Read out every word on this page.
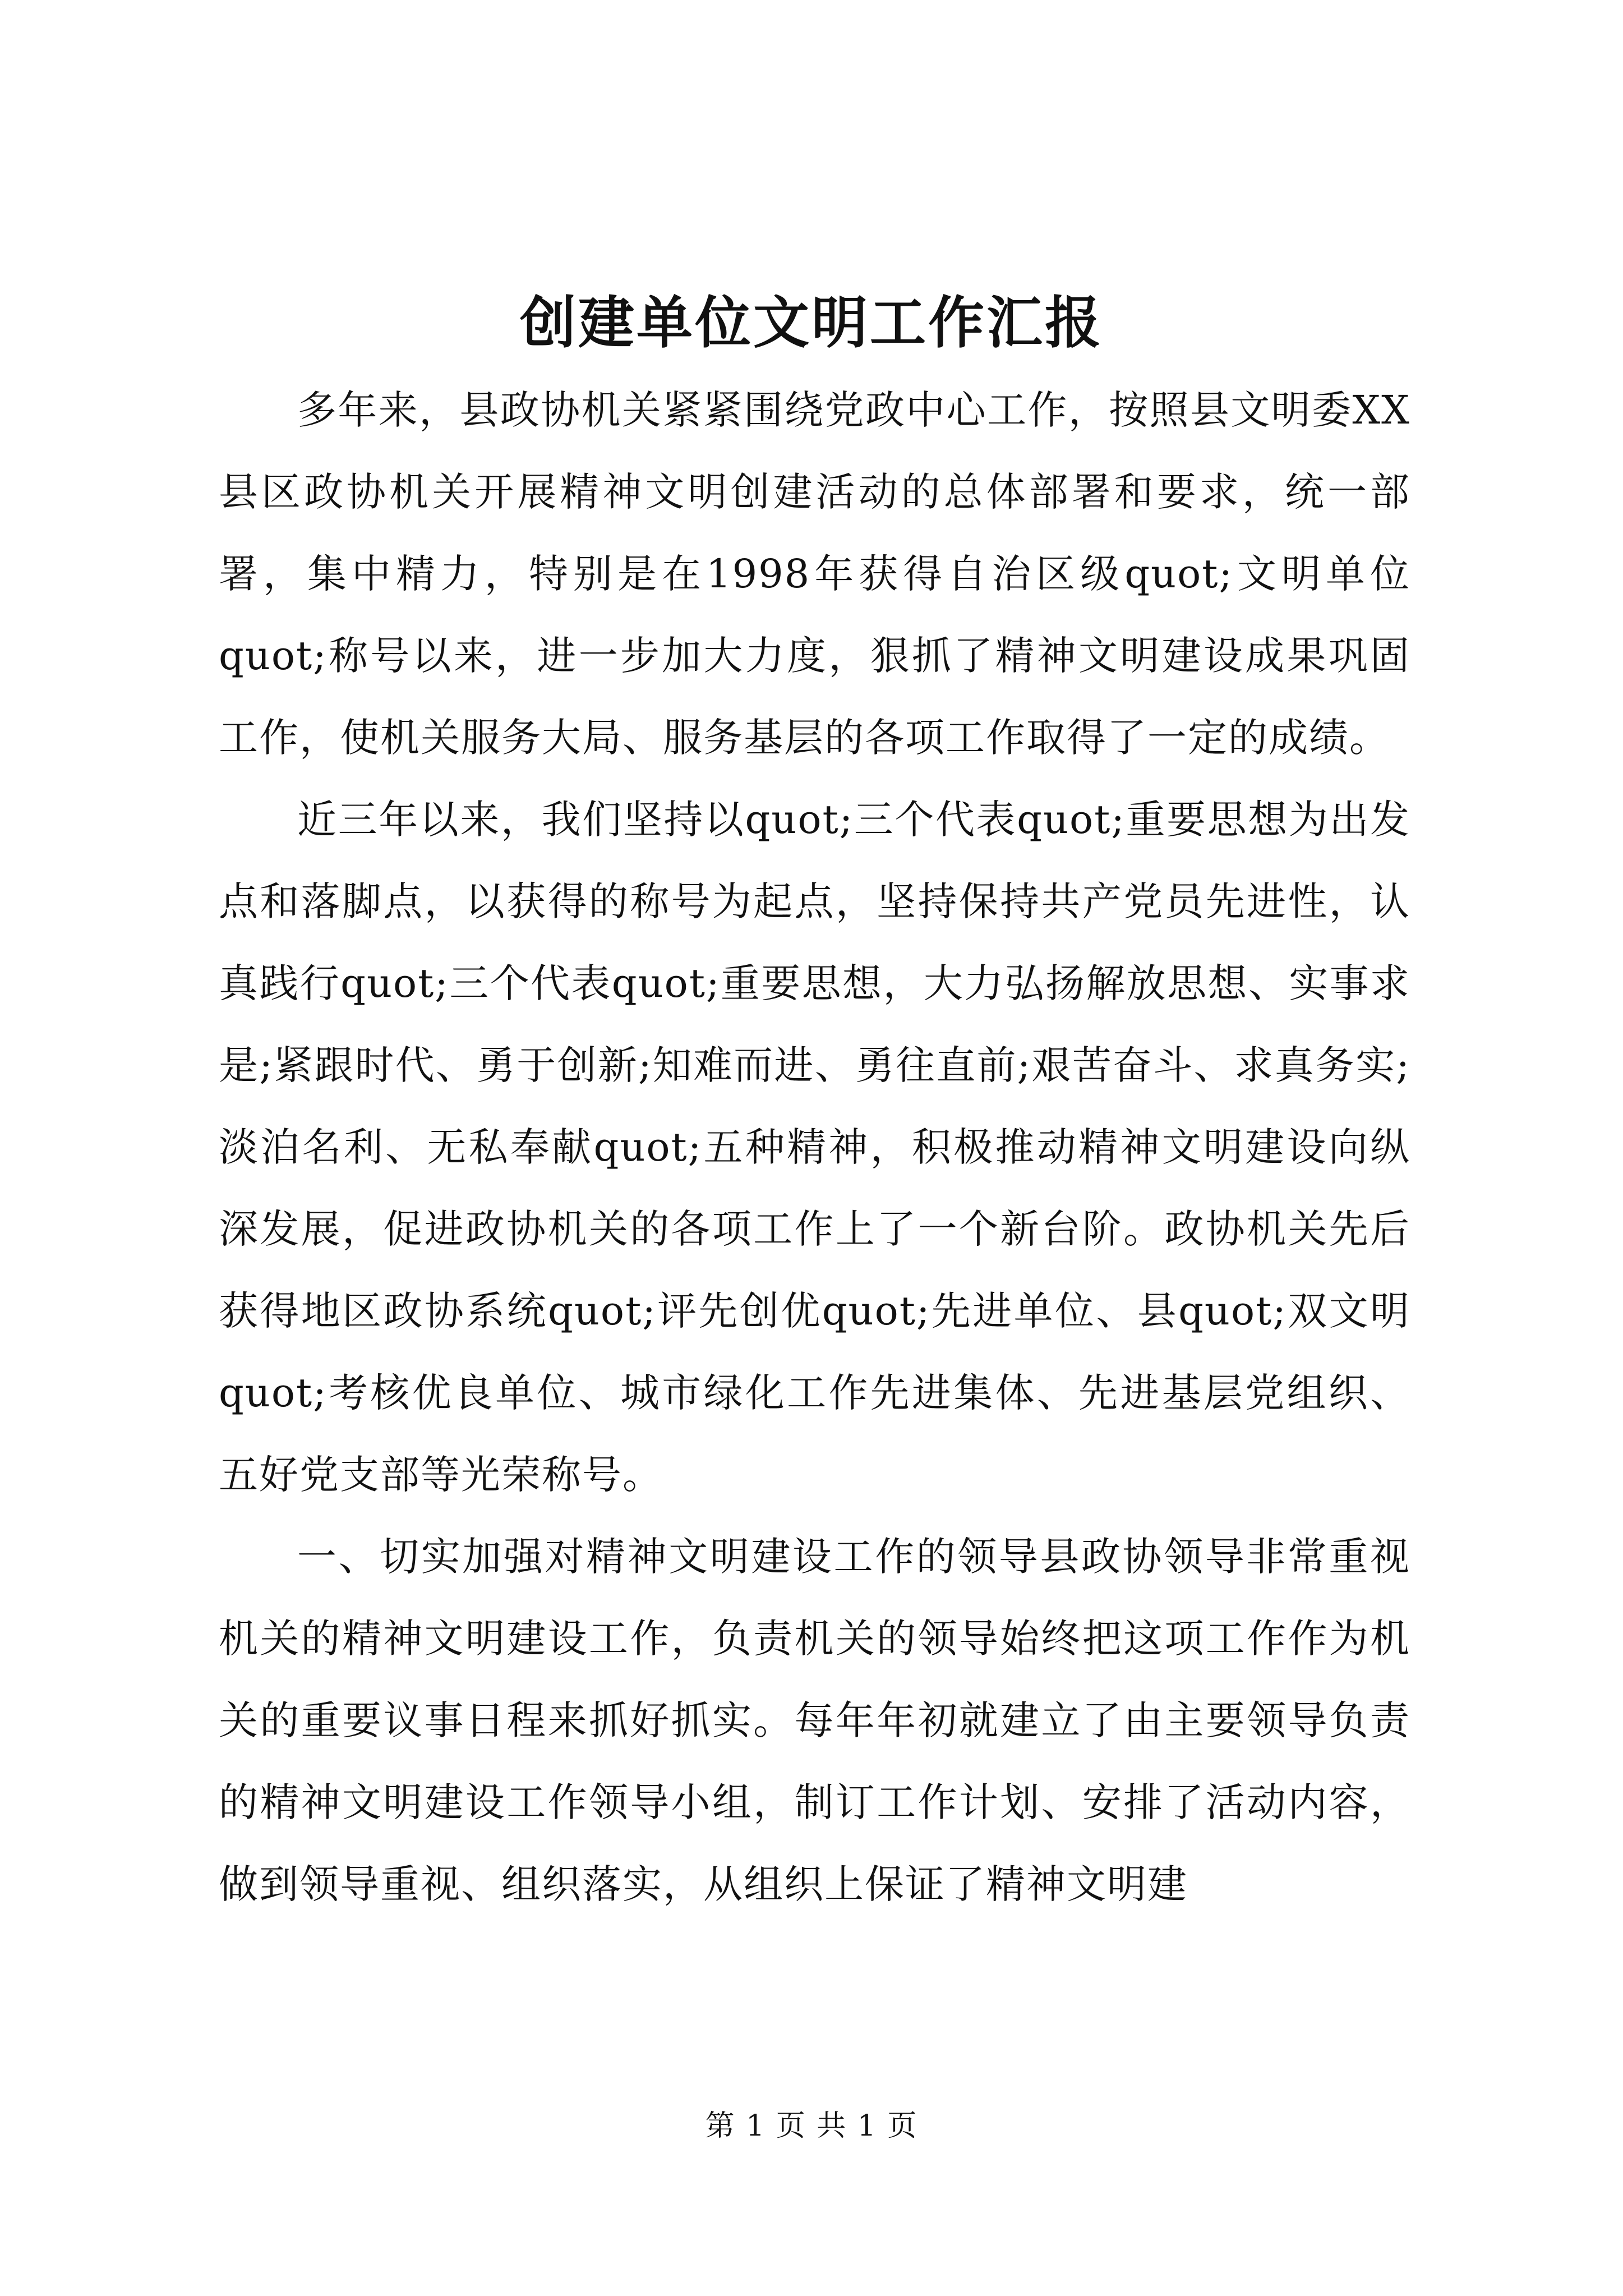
创建单位文明工作汇报

多年来，县政协机关紧紧围绕党政中心工作，按照县文明委XX县区政协机关开展精神文明创建活动的总体部署和要求，统一部署，集中精力，特别是在1998年获得自治区级quot;文明单位quot;称号以来，进一步加大力度，狠抓了精神文明建设成果巩固工作，使机关服务大局、服务基层的各项工作取得了一定的成绩。

近三年以来，我们坚持以quot;三个代表quot;重要思想为出发点和落脚点，以获得的称号为起点，坚持保持共产党员先进性，认真践行quot;三个代表quot;重要思想，大力弘扬解放思想、实事求是;紧跟时代、勇于创新;知难而进、勇往直前;艰苦奋斗、求真务实;淡泊名利、无私奉献quot;五种精神，积极推动精神文明建设向纵深发展，促进政协机关的各项工作上了一个新台阶。政协机关先后获得地区政协系统quot;评先创优quot;先进单位、县quot;双文明quot;考核优良单位、城市绿化工作先进集体、先进基层党组织、五好党支部等光荣称号。

一、切实加强对精神文明建设工作的领导县政协领导非常重视机关的精神文明建设工作，负责机关的领导始终把这项工作作为机关的重要议事日程来抓好抓实。每年年初就建立了由主要领导负责的精神文明建设工作领导小组，制订工作计划、安排了活动内容，做到领导重视、组织落实，从组织上保证了精神文明建

第 1 页 共 1 页
